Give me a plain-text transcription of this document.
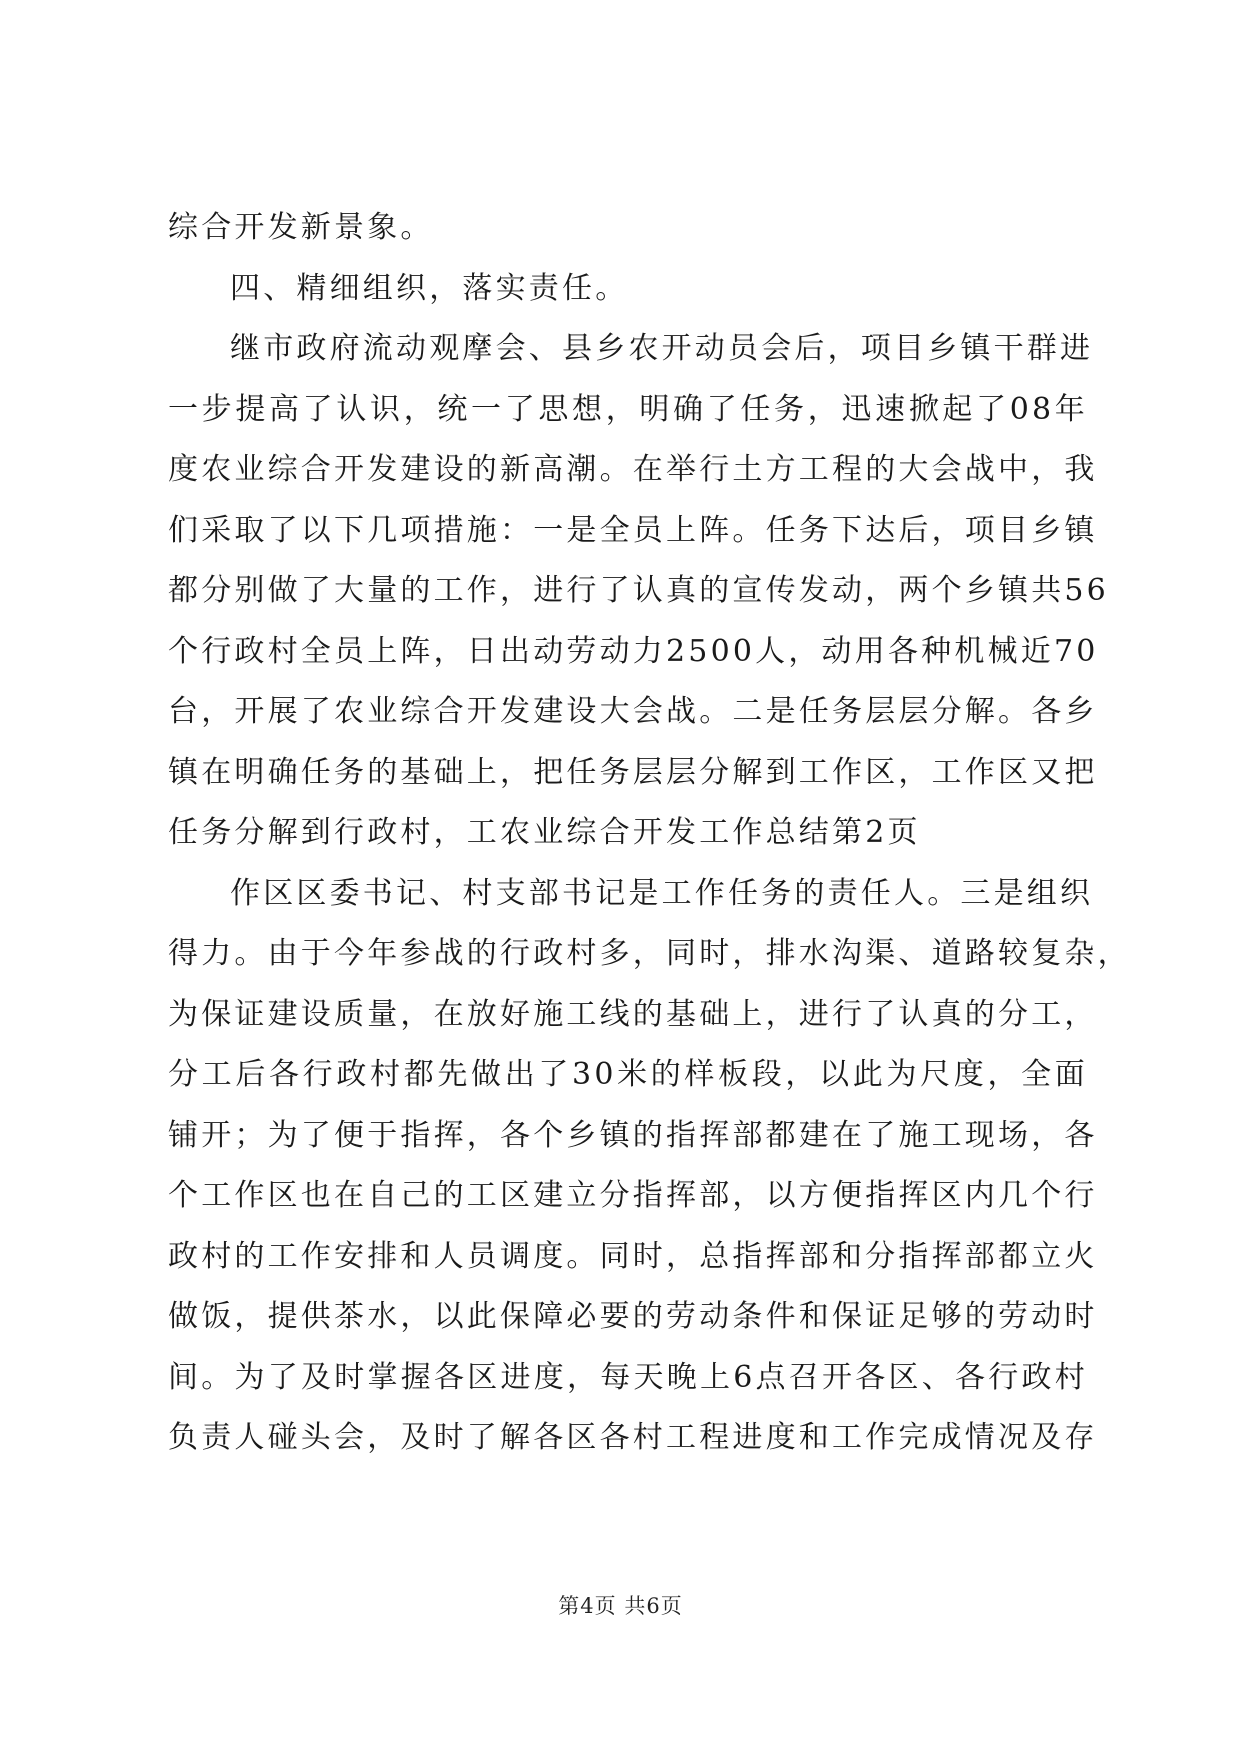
综合开发新景象。
四、精细组织，落实责任。
继市政府流动观摩会、县乡农开动员会后，项目乡镇干群进
一步提高了认识，统一了思想，明确了任务，迅速掀起了08年
度农业综合开发建设的新高潮。在举行土方工程的大会战中，我
们采取了以下几项措施：一是全员上阵。任务下达后，项目乡镇
都分别做了大量的工作，进行了认真的宣传发动，两个乡镇共56
个行政村全员上阵，日出动劳动力2500人，动用各种机械近70
台，开展了农业综合开发建设大会战。二是任务层层分解。各乡
镇在明确任务的基础上，把任务层层分解到工作区，工作区又把
任务分解到行政村，工农业综合开发工作总结第2页
作区区委书记、村支部书记是工作任务的责任人。三是组织
得力。由于今年参战的行政村多，同时，排水沟渠、道路较复杂，
为保证建设质量，在放好施工线的基础上，进行了认真的分工，
分工后各行政村都先做出了30米的样板段，以此为尺度，全面
铺开；为了便于指挥，各个乡镇的指挥部都建在了施工现场，各
个工作区也在自己的工区建立分指挥部，以方便指挥区内几个行
政村的工作安排和人员调度。同时，总指挥部和分指挥部都立火
做饭，提供茶水，以此保障必要的劳动条件和保证足够的劳动时
间。为了及时掌握各区进度，每天晚上6点召开各区、各行政村
负责人碰头会，及时了解各区各村工程进度和工作完成情况及存
第4页 共6页
